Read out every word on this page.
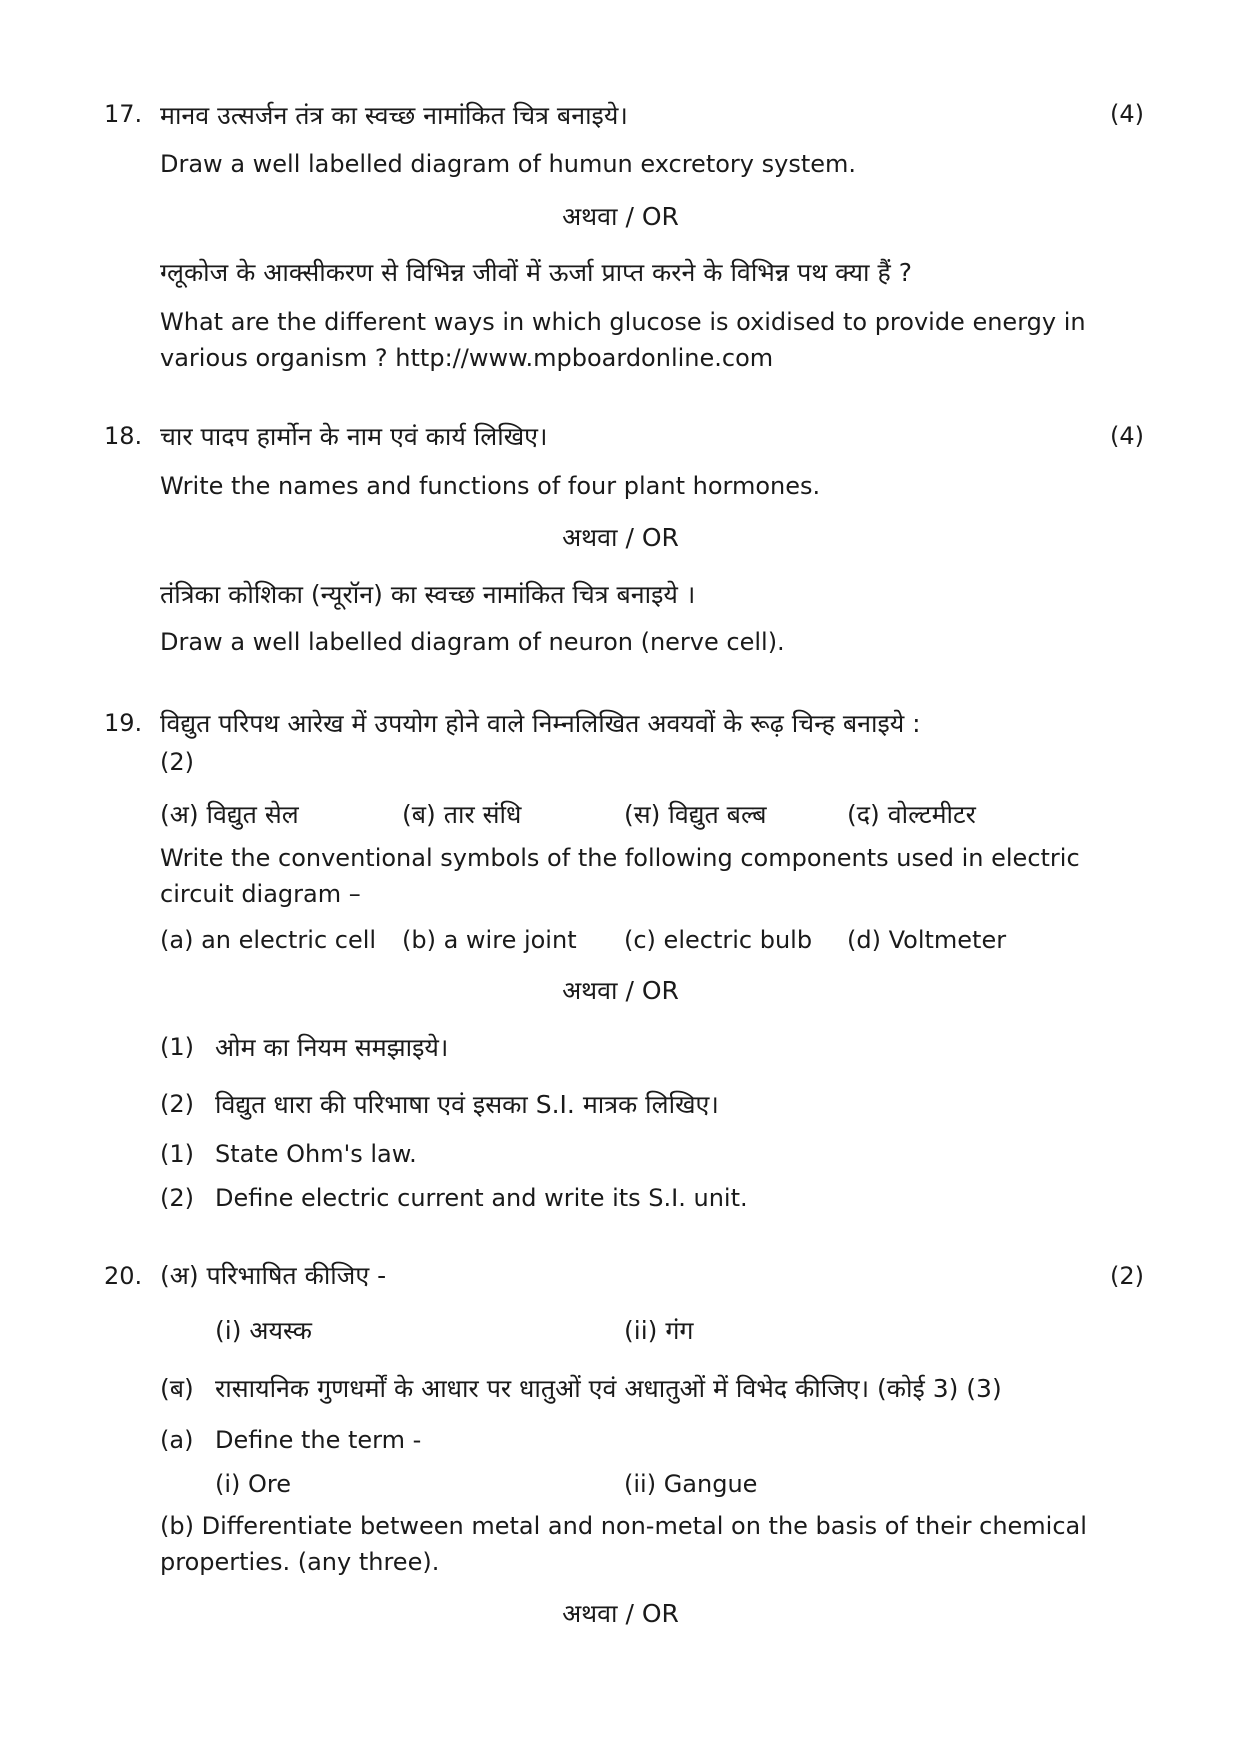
17. मानव उत्सर्जन तंत्र का स्वच्छ नामांकित चित्र बनाइये।	(4)
Draw a well labelled diagram of humun excretory system.
अथवा / OR
ग्लूकोज के आक्सीकरण से विभिन्न जीवों में ऊर्जा प्राप्त करने के विभिन्न पथ क्या हैं ?
What are the different ways in which glucose is oxidised to provide energy in various organism ? http://www.mpboardonline.com
18. चार पादप हार्मोन के नाम एवं कार्य लिखिए।	(4)
Write the names and functions of four plant hormones.
अथवा / OR
तंत्रिका कोशिका (न्यूरॉन) का स्वच्छ नामांकित चित्र बनाइये ।
Draw a well labelled diagram of neuron (nerve cell).
19. विद्युत परिपथ आरेख में उपयोग होने वाले निम्नलिखित अवयवों के रूढ़ चिन्ह बनाइये :
(2)
(अ) विद्युत सेल	(ब) तार संधि	(स) विद्युत बल्ब	(द) वोल्टमीटर
Write the conventional symbols of the following components used in electric circuit diagram –
(a) an electric cell (b) a wire joint (c) electric bulb (d) Voltmeter
अथवा / OR
(1) ओम का नियम समझाइये।
(2) विद्युत धारा की परिभाषा एवं इसका S.I. मात्रक लिखिए।
(1) State Ohm's law.
(2) Define electric current and write its S.I. unit.
20. (अ) परिभाषित कीजिए -	(2)
(i) अयस्क	(ii) गंग
(ब) रासायनिक गुणधर्मों के आधार पर धातुओं एवं अधातुओं में विभेद कीजिए। (कोई 3) (3)
(a) Define the term -
(i) Ore	(ii) Gangue
(b) Differentiate between metal and non-metal on the basis of their chemical properties. (any three).
अथवा / OR
